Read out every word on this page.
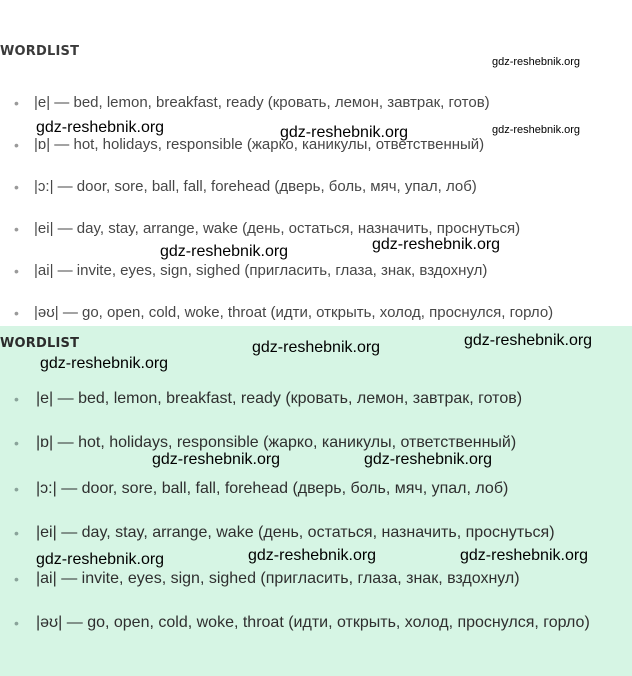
WORDLIST
• |e| — bed, lemon, breakfast, ready (кровать, лемон, завтрак, готов)
• |ɒ| — hot, holidays, responsible (жарко, каникулы, ответственный)
• |ɔ:| — door, sore, ball, fall, forehead (дверь, боль, мяч, упал, лоб)
• |ei| — day, stay, arrange, wake (день, остаться, назначить, проснуться)
• |ai| — invite, eyes, sign, sighed (пригласить, глаза, знак, вздохнул)
• |əʊ| — go, open, cold, woke, throat (идти, открыть, холод, проснулся, горло)
WORDLIST
• |e| — bed, lemon, breakfast, ready (кровать, лемон, завтрак, готов)
• |ɒ| — hot, holidays, responsible (жарко, каникулы, ответственный)
• |ɔ:| — door, sore, ball, fall, forehead (дверь, боль, мяч, упал, лоб)
• |ei| — day, stay, arrange, wake (день, остаться, назначить, проснуться)
• |ai| — invite, eyes, sign, sighed (пригласить, глаза, знак, вздохнул)
• |əʊ| — go, open, cold, woke, throat (идти, открыть, холод, проснулся, горло)
gdz-reshebnik.org
gdz-reshebnik.org	gdz-reshebnik.org	gdz-reshebnik.org
gdz-reshebnik.org
gdz-reshebnik.org
gdz-reshebnik.org
gdz-reshebnik.org
gdz-reshebnik.org
gdz-reshebnik.org	gdz-reshebnik.org
gdz-reshebnik.org	gdz-reshebnik.org	gdz-reshebnik.org
